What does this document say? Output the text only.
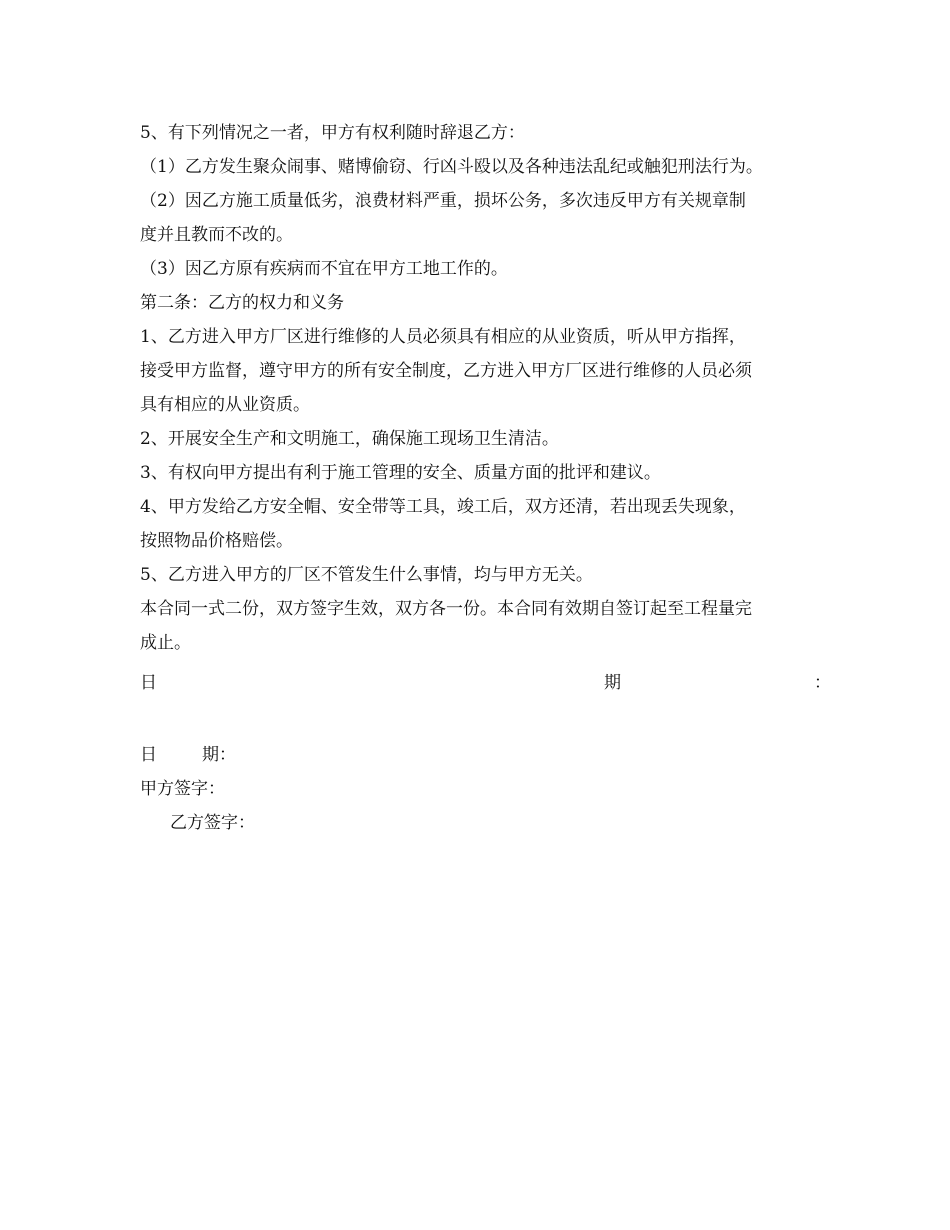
5、有下列情况之一者，甲方有权利随时辞退乙方：
（1）乙方发生聚众闹事、赌博偷窃、行凶斗殴以及各种违法乱纪或触犯刑法行为。
（2）因乙方施工质量低劣，浪费材料严重，损坏公务，多次违反甲方有关规章制
度并且教而不改的。
（3）因乙方原有疾病而不宜在甲方工地工作的。
第二条：乙方的权力和义务
1、乙方进入甲方厂区进行维修的人员必须具有相应的从业资质，听从甲方指挥，
接受甲方监督，遵守甲方的所有安全制度，乙方进入甲方厂区进行维修的人员必须
具有相应的从业资质。
2、开展安全生产和文明施工，确保施工现场卫生清洁。
3、有权向甲方提出有利于施工管理的安全、质量方面的批评和建议。
4、甲方发给乙方安全帽、安全带等工具，竣工后，双方还清，若出现丢失现象，
按照物品价格赔偿。
5、乙方进入甲方的厂区不管发生什么事情，均与甲方无关。
本合同一式二份，双方签字生效，双方各一份。本合同有效期自签订起至工程量完
成止。
日	期	：
日	期：
甲方签字：
乙方签字：
